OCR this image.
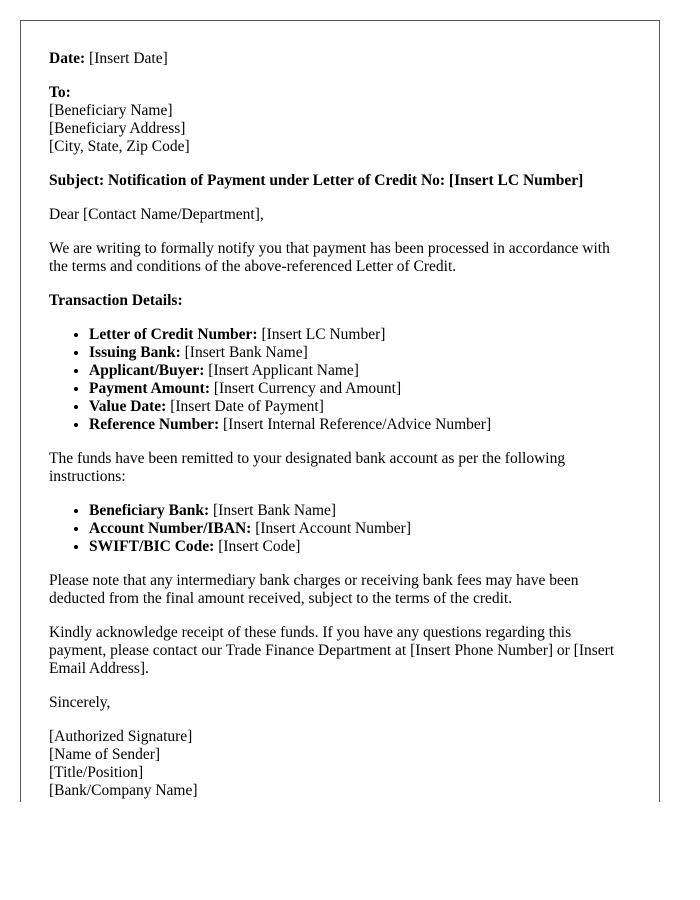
Date: [Insert Date]

To:
[Beneficiary Name]
[Beneficiary Address]
[City, State, Zip Code]

Subject: Notification of Payment under Letter of Credit No: [Insert LC Number]

Dear [Contact Name/Department],

We are writing to formally notify you that payment has been processed in accordance with the terms and conditions of the above-referenced Letter of Credit.

Transaction Details:

• Letter of Credit Number: [Insert LC Number]
• Issuing Bank: [Insert Bank Name]
• Applicant/Buyer: [Insert Applicant Name]
• Payment Amount: [Insert Currency and Amount]
• Value Date: [Insert Date of Payment]
• Reference Number: [Insert Internal Reference/Advice Number]

The funds have been remitted to your designated bank account as per the following instructions:

• Beneficiary Bank: [Insert Bank Name]
• Account Number/IBAN: [Insert Account Number]
• SWIFT/BIC Code: [Insert Code]

Please note that any intermediary bank charges or receiving bank fees may have been deducted from the final amount received, subject to the terms of the credit.

Kindly acknowledge receipt of these funds. If you have any questions regarding this payment, please contact our Trade Finance Department at [Insert Phone Number] or [Insert Email Address].

Sincerely,

[Authorized Signature]
[Name of Sender]
[Title/Position]
[Bank/Company Name]
